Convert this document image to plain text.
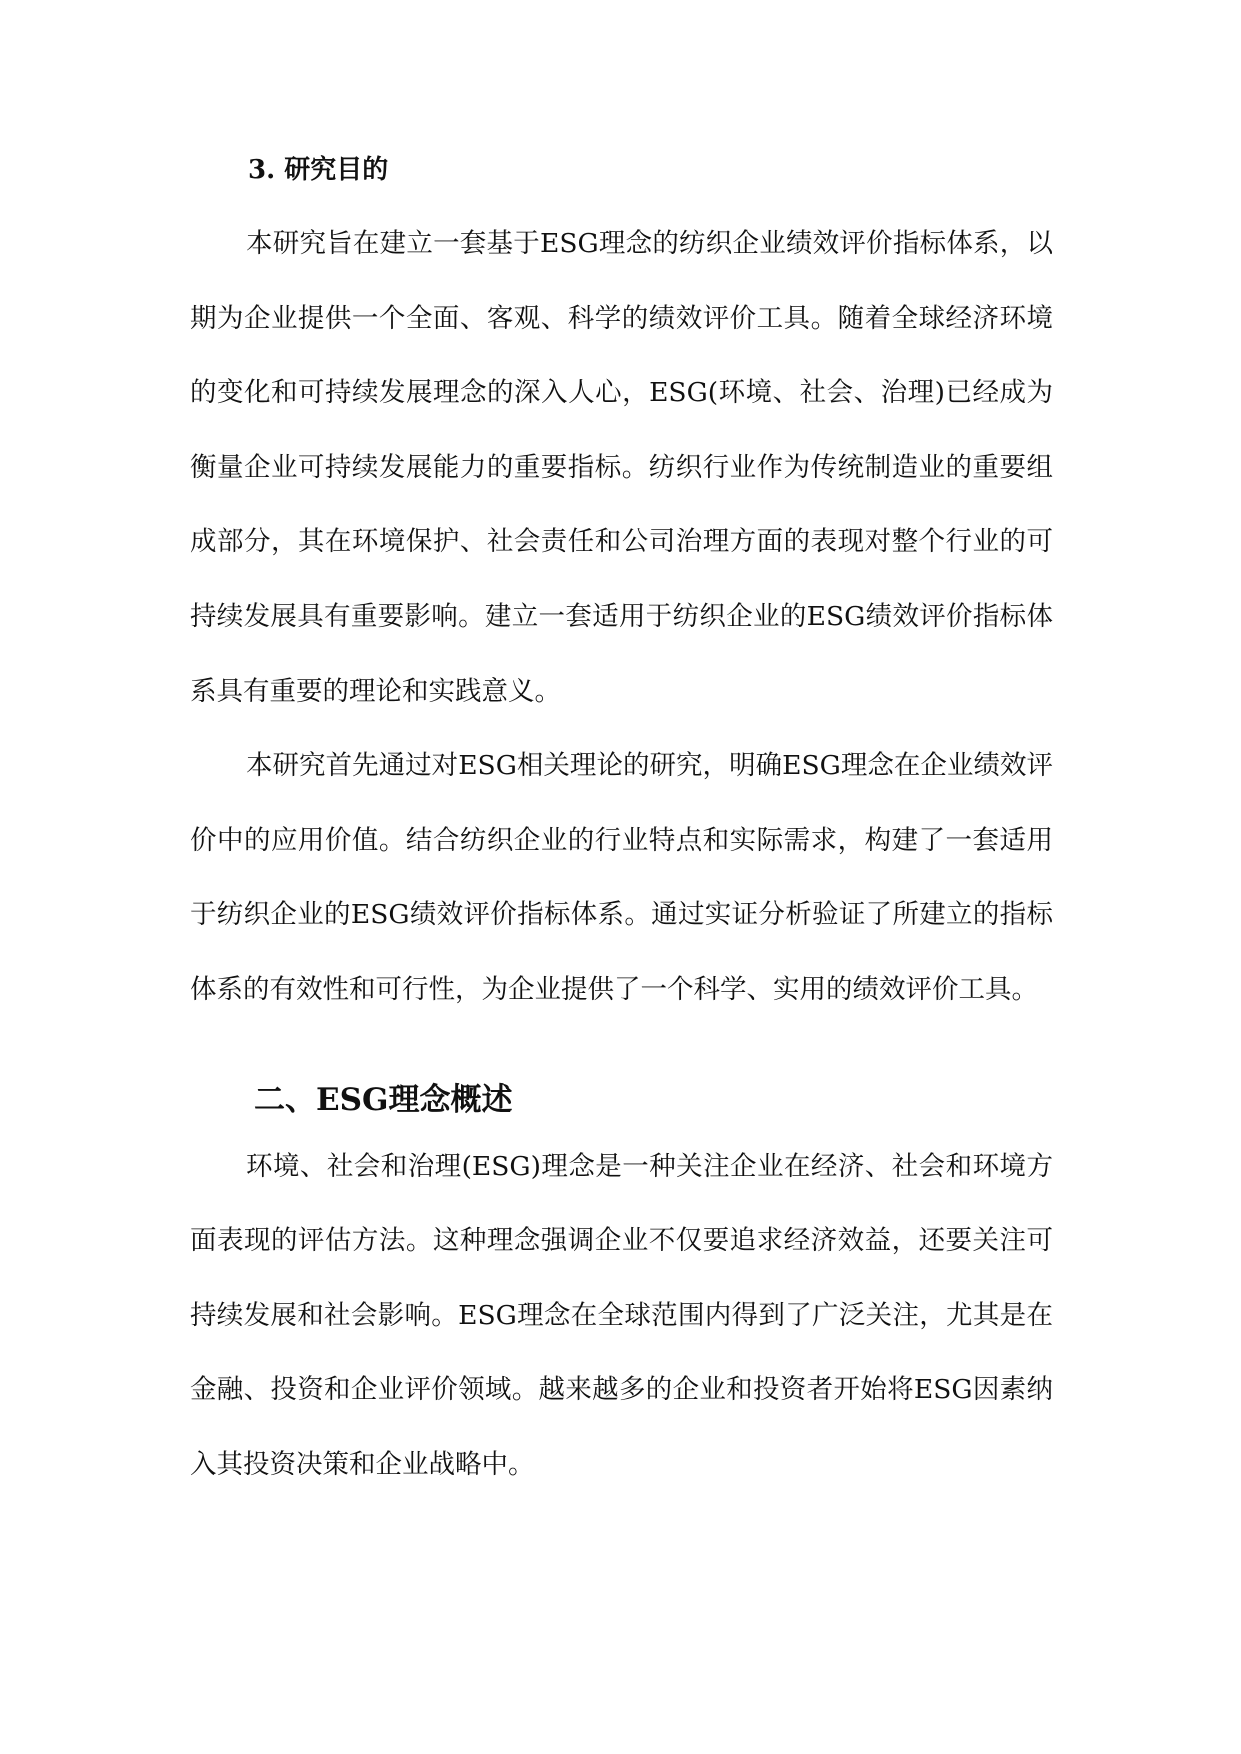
3. 研究目的

本研究旨在建立一套基于ESG理念的纺织企业绩效评价指标体系，以期为企业提供一个全面、客观、科学的绩效评价工具。随着全球经济环境的变化和可持续发展理念的深入人心，ESG(环境、社会、治理)已经成为衡量企业可持续发展能力的重要指标。纺织行业作为传统制造业的重要组成部分，其在环境保护、社会责任和公司治理方面的表现对整个行业的可持续发展具有重要影响。建立一套适用于纺织企业的ESG绩效评价指标体系具有重要的理论和实践意义。

本研究首先通过对ESG相关理论的研究，明确ESG理念在企业绩效评价中的应用价值。结合纺织企业的行业特点和实际需求，构建了一套适用于纺织企业的ESG绩效评价指标体系。通过实证分析验证了所建立的指标体系的有效性和可行性，为企业提供了一个科学、实用的绩效评价工具。

二、ESG理念概述

环境、社会和治理(ESG)理念是一种关注企业在经济、社会和环境方面表现的评估方法。这种理念强调企业不仅要追求经济效益，还要关注可持续发展和社会影响。ESG理念在全球范围内得到了广泛关注，尤其是在金融、投资和企业评价领域。越来越多的企业和投资者开始将ESG因素纳入其投资决策和企业战略中。
